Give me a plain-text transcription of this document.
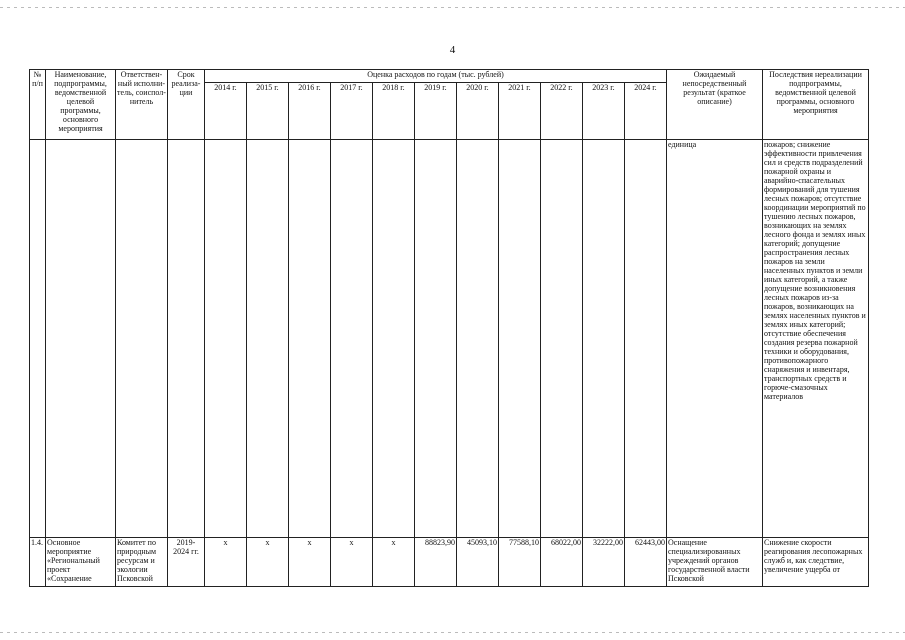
4
№ п/п	Наименование, подпрограммы, ведомственной целевой программы, основного мероприятия	Ответствен-ный исполни-тель, соиспол-нитель	Срок реализа-ции	Оценка расходов по годам (тыс. рублей)											Ожидаемый непосредственный результат (краткое описание)	Последствия нереализации подпрограммы, ведомственной целевой программы, основного мероприятия
				2014 г.	2015 г.	2016 г.	2017 г.	2018 г.	2019 г.	2020 г.	2021 г.	2022 г.	2023 г.	2024 г.		
															единица	пожаров; снижение эффективности привлечения сил и средств подразделений пожарной охраны и аварийно-спасательных формирований для тушения лесных пожаров; отсутствие координации мероприятий по тушению лесных пожаров, возникающих на землях лесного фонда и землях иных категорий; допущение распространения лесных пожаров на земли населенных пунктов и земли иных категорий, а также допущение возникновения лесных пожаров из-за пожаров, возникающих на землях населенных пунктов и землях иных категорий; отсутствие обеспечения создания резерва пожарной техники и оборудования, противопожарного снаряжения и инвентаря, транспортных средств и горюче-смазочных материалов
1.4.	Основное мероприятие «Региональный проект «Сохранение	Комитет по природным ресурсам и экологии Псковской	2019-2024 гг.	x	x	x	x	x	88823,90	45093,10	77588,10	68022,00	32222,00	62443,00	Оснащение специализированных учреждений органов государственной власти Псковской	Снижение скорости реагирования лесопожарных служб и, как следствие, увеличение ущерба от
